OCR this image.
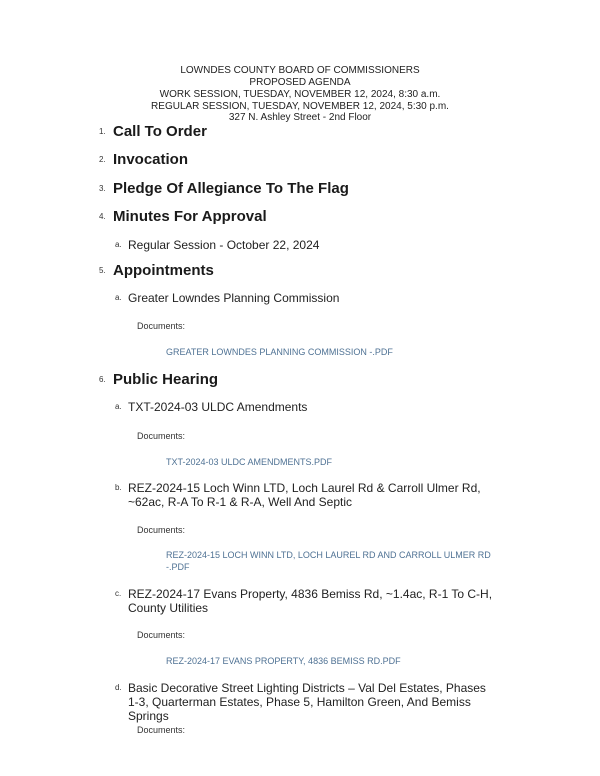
LOWNDES COUNTY BOARD OF COMMISSIONERS
PROPOSED AGENDA
WORK SESSION, TUESDAY, NOVEMBER 12, 2024, 8:30 a.m.
REGULAR SESSION, TUESDAY, NOVEMBER 12, 2024, 5:30 p.m.
327 N. Ashley Street - 2nd Floor
1. Call To Order
2. Invocation
3. Pledge Of Allegiance To The Flag
4. Minutes For Approval
a. Regular Session - October 22, 2024
5. Appointments
a. Greater Lowndes Planning Commission
Documents:
GREATER LOWNDES PLANNING COMMISSION -.PDF
6. Public Hearing
a. TXT-2024-03 ULDC Amendments
Documents:
TXT-2024-03 ULDC AMENDMENTS.PDF
b. REZ-2024-15 Loch Winn LTD, Loch Laurel Rd & Carroll Ulmer Rd, ~62ac, R-A To R-1 & R-A, Well And Septic
Documents:
REZ-2024-15 LOCH WINN LTD, LOCH LAUREL RD AND CARROLL ULMER RD -.PDF
c. REZ-2024-17 Evans Property, 4836 Bemiss Rd, ~1.4ac, R-1 To C-H, County Utilities
Documents:
REZ-2024-17 EVANS PROPERTY, 4836 BEMISS RD.PDF
d. Basic Decorative Street Lighting Districts – Val Del Estates, Phases 1-3, Quarterman Estates, Phase 5, Hamilton Green, And Bemiss Springs
Documents:
